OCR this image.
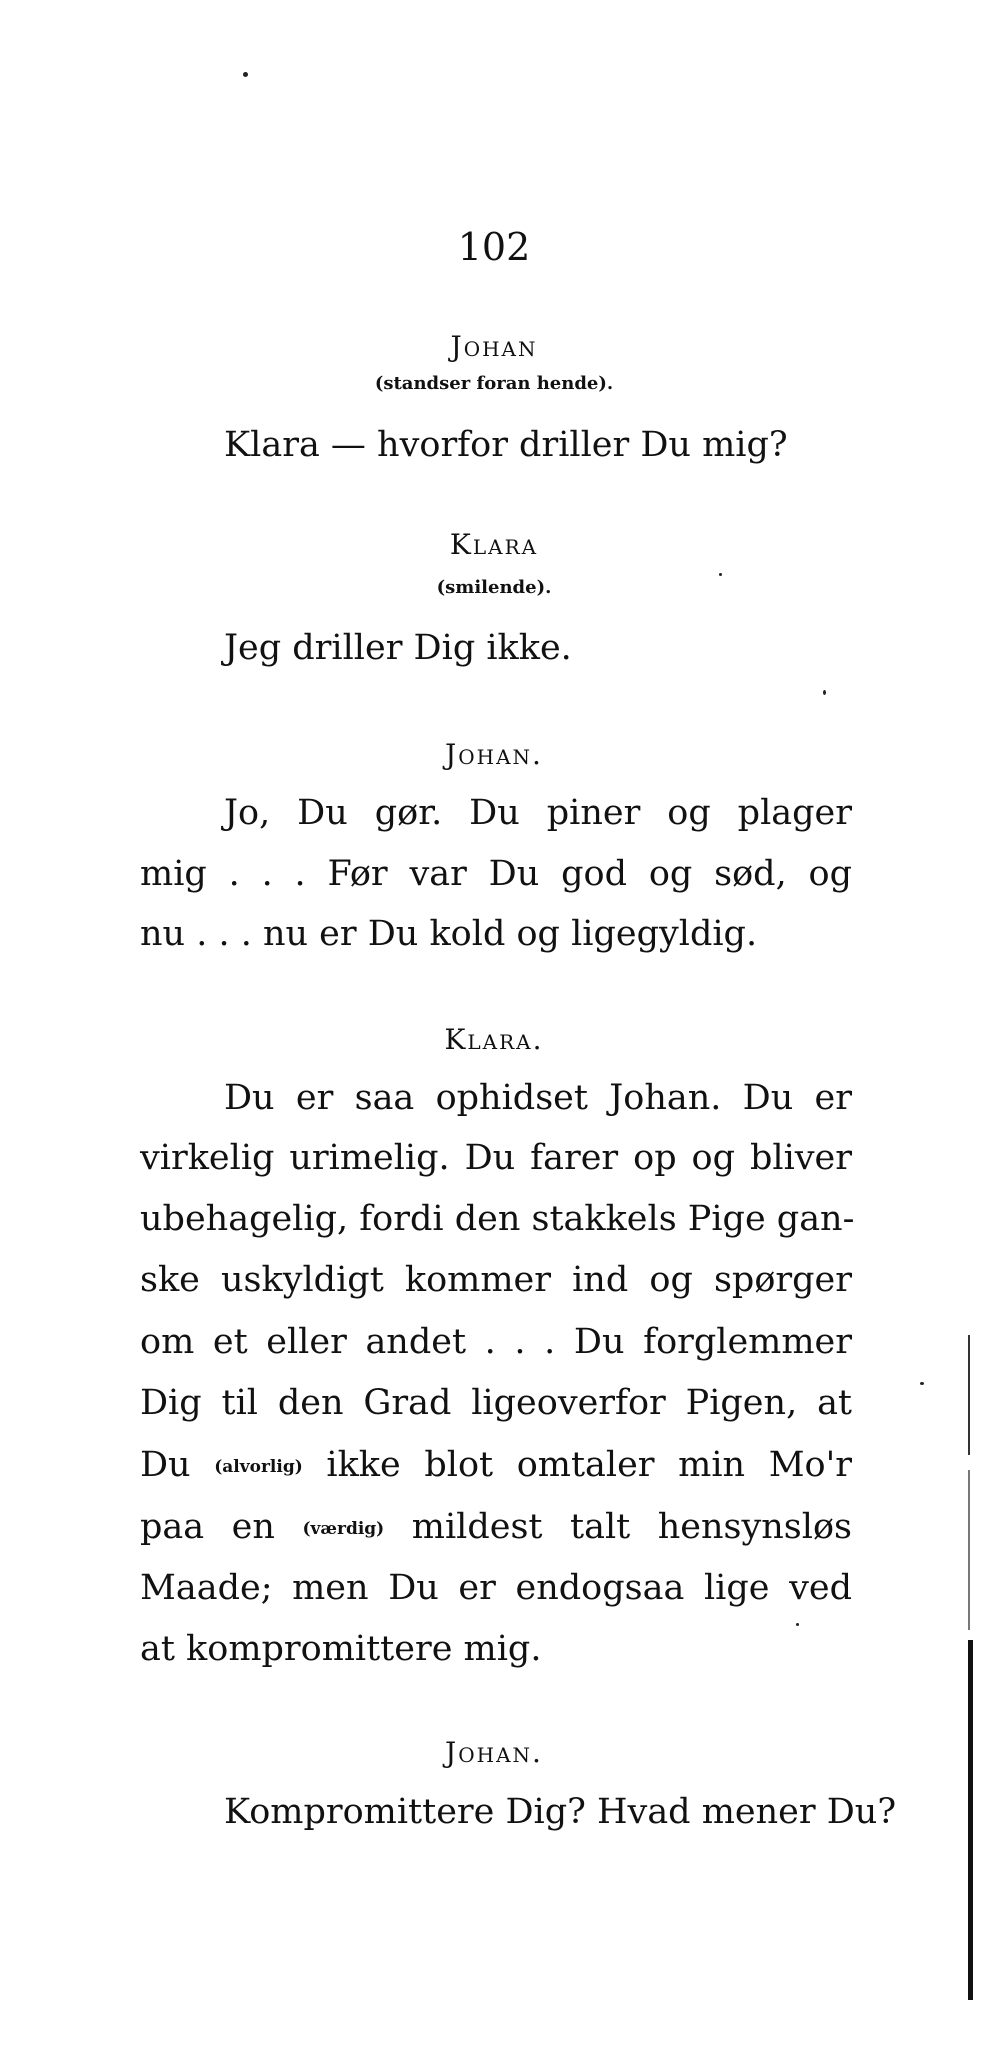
102
Johan
(standser foran hende).
Klara — hvorfor driller Du mig?
Klara
(smilende).
Jeg driller Dig ikke.
Johan.
Jo, Du gør. Du piner og plager
mig . . . Før var Du god og sød, og
nu . . . nu er Du kold og ligegyldig.
Klara.
Du er saa ophidset Johan. Du er
virkelig urimelig. Du farer op og bliver
ubehagelig, fordi den stakkels Pige gan-
ske uskyldigt kommer ind og spørger
om et eller andet . . . Du forglemmer
Dig til den Grad ligeoverfor Pigen, at
Du (alvorlig) ikke blot omtaler min Mo'r
paa en (værdig) mildest talt hensynsløs
Maade; men Du er endogsaa lige ved
at kompromittere mig.
Johan.
Kompromittere Dig? Hvad mener Du?
